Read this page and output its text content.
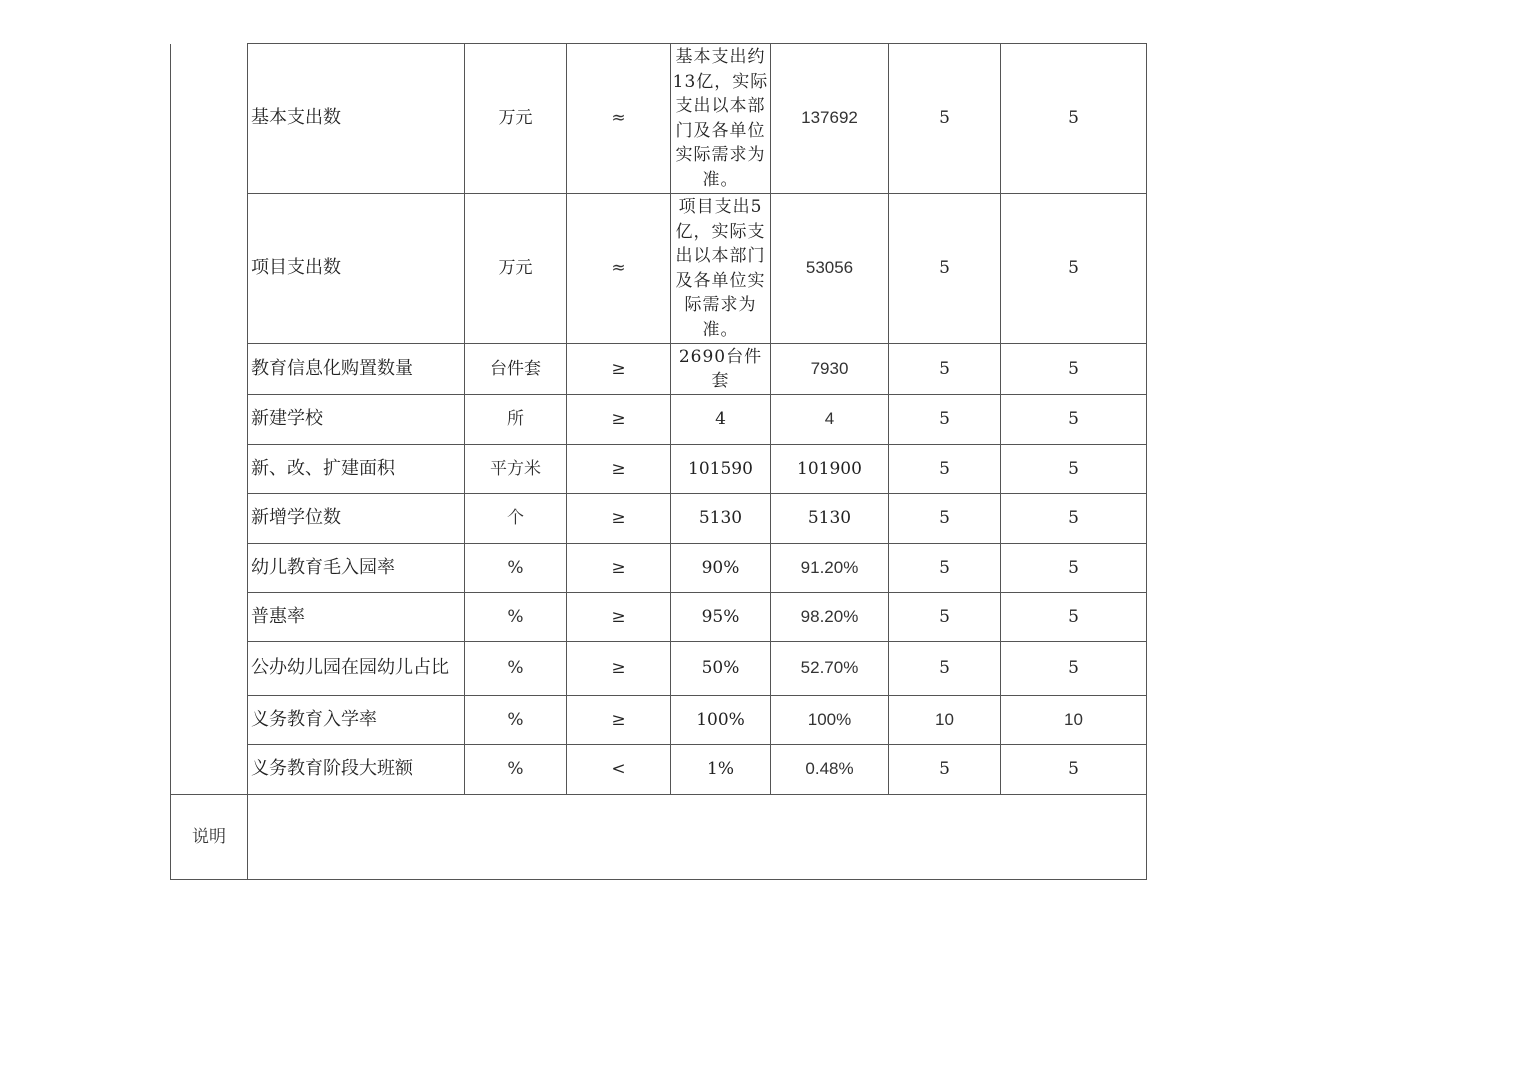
	基本支出数	万元	≈	基本支出约13亿，实际支出以本部门及各单位实际需求为准。	137692	5	5
	项目支出数	万元	≈	项目支出5亿，实际支出以本部门及各单位实际需求为准。	53056	5	5
	教育信息化购置数量	台件套	≥	2690台件套	7930	5	5
	新建学校	所	≥	4	4	5	5
	新、改、扩建面积	平方米	≥	101590	101900	5	5
	新增学位数	个	≥	5130	5130	5	5
	幼儿教育毛入园率	%	≥	90%	91.20%	5	5
	普惠率	%	≥	95%	98.20%	5	5
	公办幼儿园在园幼儿占比	%	≥	50%	52.70%	5	5
	义务教育入学率	%	≥	100%	100%	10	10
	义务教育阶段大班额	%	<	1%	0.48%	5	5
说明							
